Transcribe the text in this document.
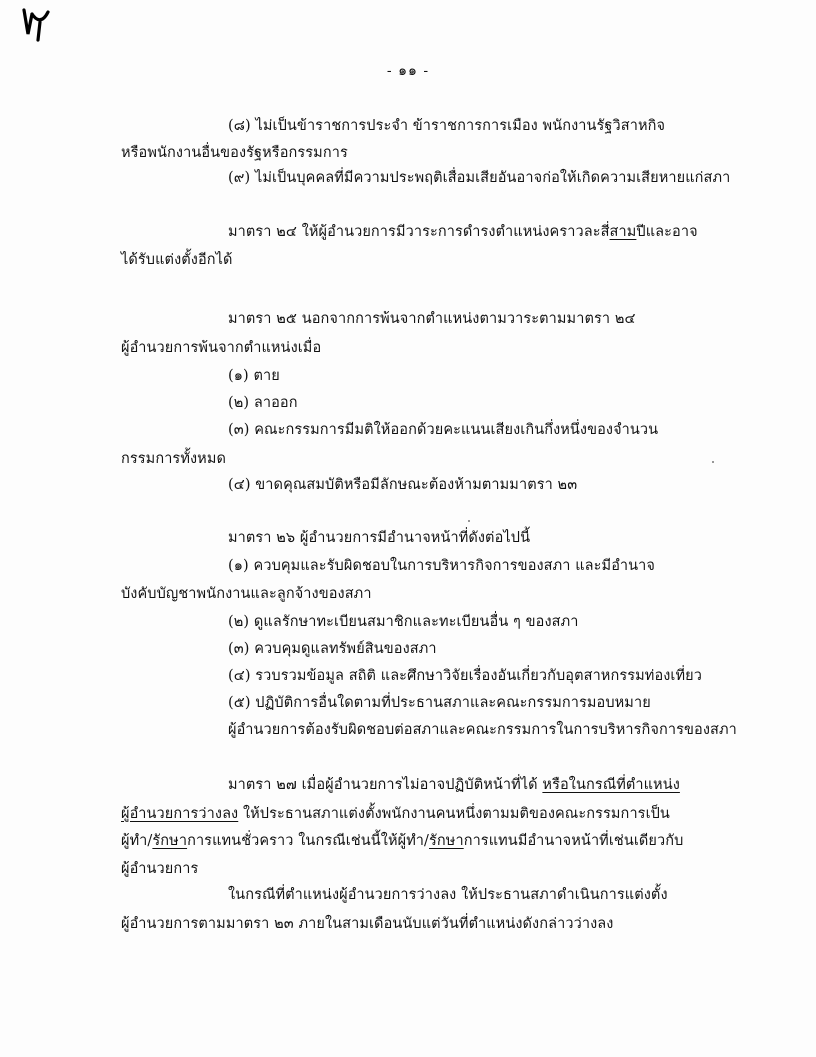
- ๑๑ -
(๘) ไม่เป็นข้าราชการประจำ ข้าราชการการเมือง พนักงานรัฐวิสาหกิจ
หรือพนักงานอื่นของรัฐหรือกรรมการ
(๙) ไม่เป็นบุคคลที่มีความประพฤติเสื่อมเสียอันอาจก่อให้เกิดความเสียหายแก่สภา
มาตรา ๒๔ ให้ผู้อำนวยการมีวาระการดำรงตำแหน่งคราวละสี่สามปีและอาจ
ได้รับแต่งตั้งอีกได้
มาตรา ๒๕ นอกจากการพ้นจากตำแหน่งตามวาระตามมาตรา ๒๔
ผู้อำนวยการพ้นจากตำแหน่งเมื่อ
(๑) ตาย
(๒) ลาออก
(๓) คณะกรรมการมีมติให้ออกด้วยคะแนนเสียงเกินกึ่งหนึ่งของจำนวน
กรรมการทั้งหมด
(๔) ขาดคุณสมบัติหรือมีลักษณะต้องห้ามตามมาตรา ๒๓
มาตรา ๒๖ ผู้อำนวยการมีอำนาจหน้าที่ดังต่อไปนี้
(๑) ควบคุมและรับผิดชอบในการบริหารกิจการของสภา และมีอำนาจ
บังคับบัญชาพนักงานและลูกจ้างของสภา
(๒) ดูแลรักษาทะเบียนสมาชิกและทะเบียนอื่น ๆ ของสภา
(๓) ควบคุมดูแลทรัพย์สินของสภา
(๔) รวบรวมข้อมูล สถิติ และศึกษาวิจัยเรื่องอันเกี่ยวกับอุตสาหกรรมท่องเที่ยว
(๕) ปฏิบัติการอื่นใดตามที่ประธานสภาและคณะกรรมการมอบหมาย
ผู้อำนวยการต้องรับผิดชอบต่อสภาและคณะกรรมการในการบริหารกิจการของสภา
มาตรา ๒๗ เมื่อผู้อำนวยการไม่อาจปฏิบัติหน้าที่ได้ หรือในกรณีที่ตำแหน่ง
ผู้อำนวยการว่างลง ให้ประธานสภาแต่งตั้งพนักงานคนหนึ่งตามมติของคณะกรรมการเป็น
ผู้ทำ/รักษาการแทนชั่วคราว ในกรณีเช่นนี้ให้ผู้ทำ/รักษาการแทนมีอำนาจหน้าที่เช่นเดียวกับ
ผู้อำนวยการ
ในกรณีที่ตำแหน่งผู้อำนวยการว่างลง ให้ประธานสภาดำเนินการแต่งตั้ง
ผู้อำนวยการตามมาตรา ๒๓ ภายในสามเดือนนับแต่วันที่ตำแหน่งดังกล่าวว่างลง
